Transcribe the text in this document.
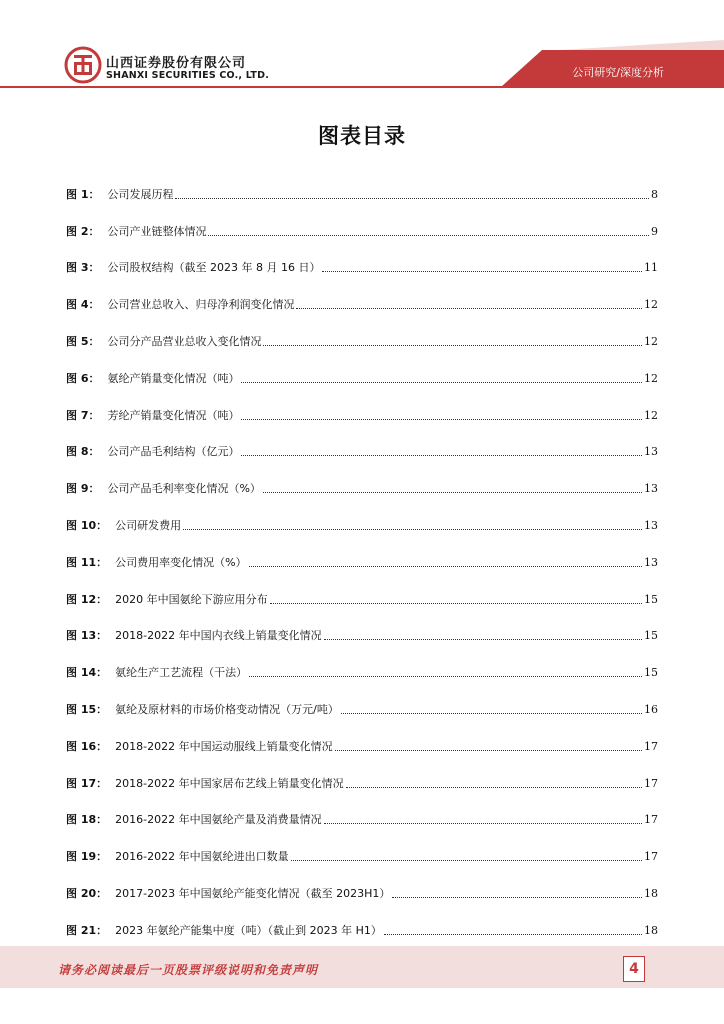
山西证券股份有限公司
SHANXI SECURITIES CO., LTD.	公司研究/深度分析
图表目录
图 1： 公司发展历程	8
图 2： 公司产业链整体情况	9
图 3： 公司股权结构（截至 2023 年 8 月 16 日）	11
图 4： 公司营业总收入、归母净利润变化情况	12
图 5： 公司分产品营业总收入变化情况	12
图 6： 氨纶产销量变化情况（吨）	12
图 7： 芳纶产销量变化情况（吨）	12
图 8： 公司产品毛利结构（亿元）	13
图 9： 公司产品毛利率变化情况（%）	13
图 10： 公司研发费用	13
图 11： 公司费用率变化情况（%）	13
图 12： 2020 年中国氨纶下游应用分布	15
图 13： 2018-2022 年中国内衣线上销量变化情况	15
图 14： 氨纶生产工艺流程（干法）	15
图 15： 氨纶及原材料的市场价格变动情况（万元/吨）	16
图 16： 2018-2022 年中国运动服线上销量变化情况	17
图 17： 2018-2022 年中国家居布艺线上销量变化情况	17
图 18： 2016-2022 年中国氨纶产量及消费量情况	17
图 19： 2016-2022 年中国氨纶进出口数量	17
图 20： 2017-2023 年中国氨纶产能变化情况（截至 2023H1）	18
图 21： 2023 年氨纶产能集中度（吨）（截止到 2023 年 H1）	18
请务必阅读最后一页股票评级说明和免责声明	4
